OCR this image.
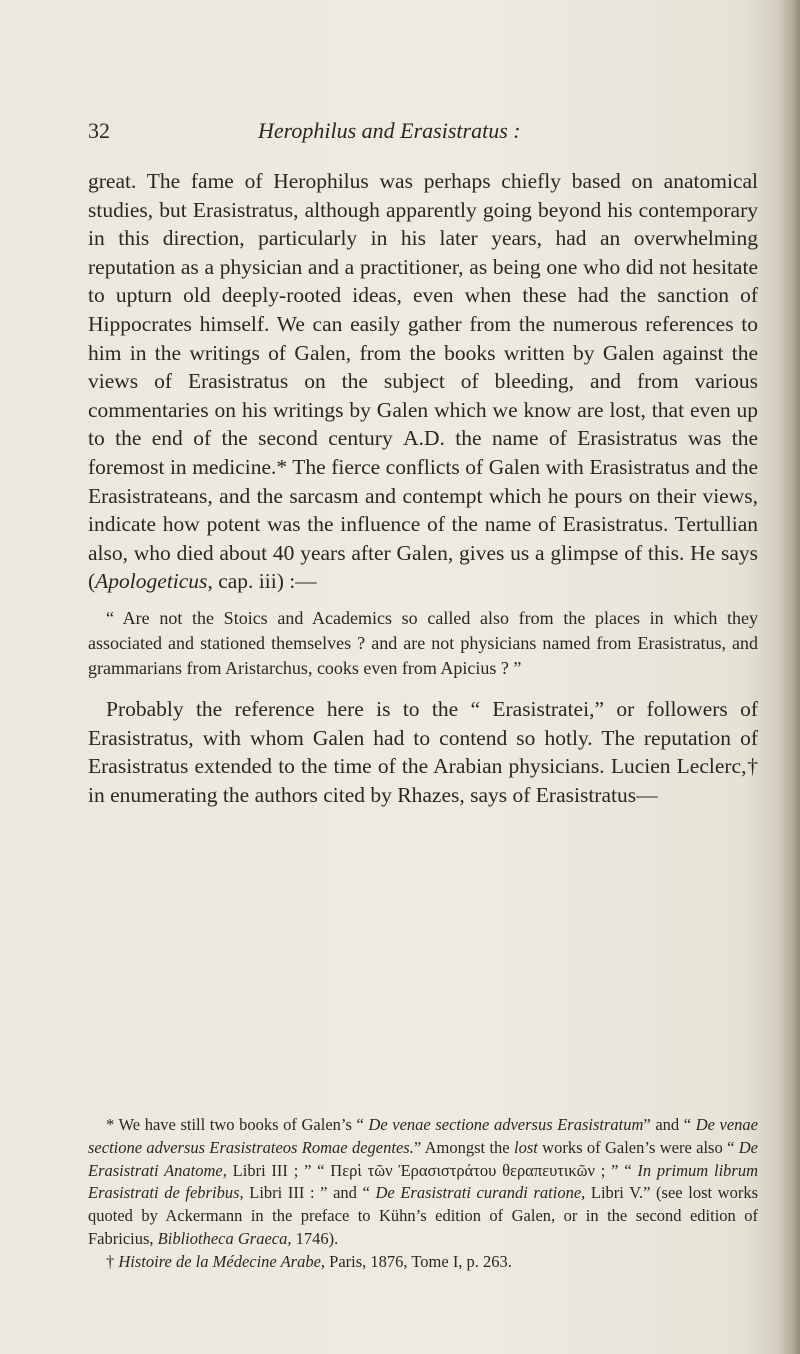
32	Herophilus and Erasistratus :

great. The fame of Herophilus was perhaps chiefly based on anatomical studies, but Erasistratus, although apparently going beyond his contemporary in this direction, particularly in his later years, had an overwhelming reputation as a physician and a practitioner, as being one who did not hesitate to upturn old deeply-rooted ideas, even when these had the sanction of Hippocrates himself. We can easily gather from the numerous references to him in the writings of Galen, from the books written by Galen against the views of Erasistratus on the subject of bleeding, and from various commentaries on his writings by Galen which we know are lost, that even up to the end of the second century A.D. the name of Erasistratus was the foremost in medicine.* The fierce conflicts of Galen with Erasistratus and the Erasistrateans, and the sarcasm and contempt which he pours on their views, indicate how potent was the influence of the name of Erasistratus. Tertullian also, who died about 40 years after Galen, gives us a glimpse of this. He says (Apologeticus, cap. iii) :—

“ Are not the Stoics and Academics so called also from the places in which they associated and stationed themselves ? and are not physicians named from Erasistratus, and grammarians from Aristarchus, cooks even from Apicius ? ”

Probably the reference here is to the “ Erasistratei,” or followers of Erasistratus, with whom Galen had to contend so hotly. The reputation of Erasistratus extended to the time of the Arabian physicians. Lucien Leclerc,† in enumerating the authors cited by Rhazes, says of Erasistratus—

* We have still two books of Galen’s “ De venae sectione adversus Erasistratum” and “ De venae sectione adversus Erasistrateos Romae degentes.” Amongst the lost works of Galen’s were also “ De Erasistrati Anatome, Libri III ; ” “ Περὶ τῶν Ἐρασιστράτου θεραπευτικῶν ; ” “ In primum librum Erasistrati de febribus, Libri III : ” and “ De Erasistrati curandi ratione, Libri V.” (see lost works quoted by Ackermann in the preface to Kühn’s edition of Galen, or in the second edition of Fabricius, Bibliotheca Graeca, 1746).

† Histoire de la Médecine Arabe, Paris, 1876, Tome I, p. 263.
